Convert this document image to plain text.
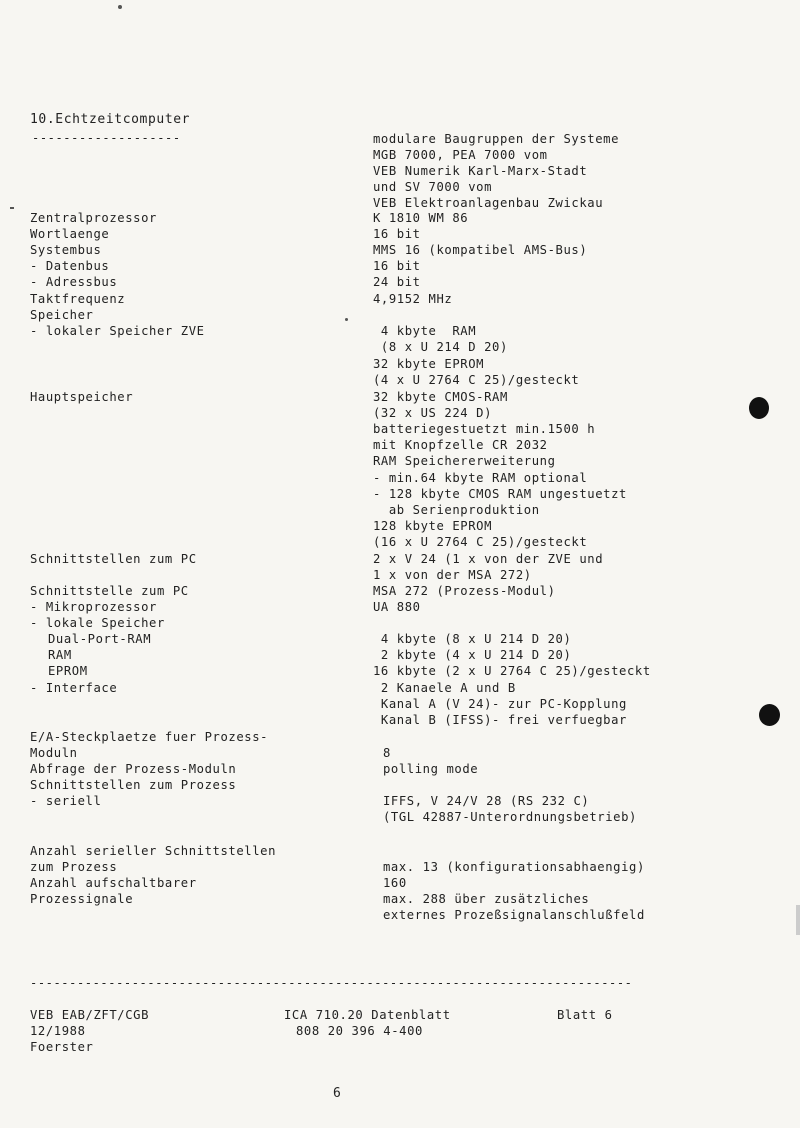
10.Echtzeitcomputer
-------------------
Zentralprozessor
Wortlaenge
Systembus
- Datenbus
- Adressbus
Taktfrequenz
Speicher
- lokaler Speicher ZVE
Hauptspeicher
Schnittstellen zum PC
Schnittstelle zum PC
- Mikroprozessor
- lokale Speicher
Dual-Port-RAM
RAM
EPROM
- Interface
E/A-Steckplaetze fuer Prozess-
Moduln
Abfrage der Prozess-Moduln
Schnittstellen zum Prozess
- seriell
Anzahl serieller Schnittstellen
zum Prozess
Anzahl aufschaltbarer
Prozessignale
modulare Baugruppen der Systeme
MGB 7000, PEA 7000 vom
VEB Numerik Karl-Marx-Stadt
und SV 7000 vom
VEB Elektroanlagenbau Zwickau
K 1810 WM 86
16 bit
MMS 16 (kompatibel AMS-Bus)
16 bit
24 bit
4,9152 MHz
4 kbyte  RAM
(8 x U 214 D 20)
32 kbyte EPROM
(4 x U 2764 C 25)/gesteckt
32 kbyte CMOS-RAM
(32 x US 224 D)
batteriegestuetzt min.1500 h
mit Knopfzelle CR 2032
RAM Speichererweiterung
- min.64 kbyte RAM optional
- 128 kbyte CMOS RAM ungestuetzt
ab Serienproduktion
128 kbyte EPROM
(16 x U 2764 C 25)/gesteckt
2 x V 24 (1 x von der ZVE und
1 x von der MSA 272)
MSA 272 (Prozess-Modul)
UA 880
4 kbyte (8 x U 214 D 20)
2 kbyte (4 x U 214 D 20)
16 kbyte (2 x U 2764 C 25)/gesteckt
2 Kanaele A und B
Kanal A (V 24)- zur PC-Kopplung
Kanal B (IFSS)- frei verfuegbar
8
polling mode
IFFS, V 24/V 28 (RS 232 C)
(TGL 42887-Unterordnungsbetrieb)
max. 13 (konfigurationsabhaengig)
160
max. 288 über zusätzliches
externes Prozeßsignalanschlußfeld
-----------------------------------------------------------------------------
VEB EAB/ZFT/CGB
12/1988
Foerster
ICA 710.20 Datenblatt
808 20 396 4-400
Blatt 6
6
